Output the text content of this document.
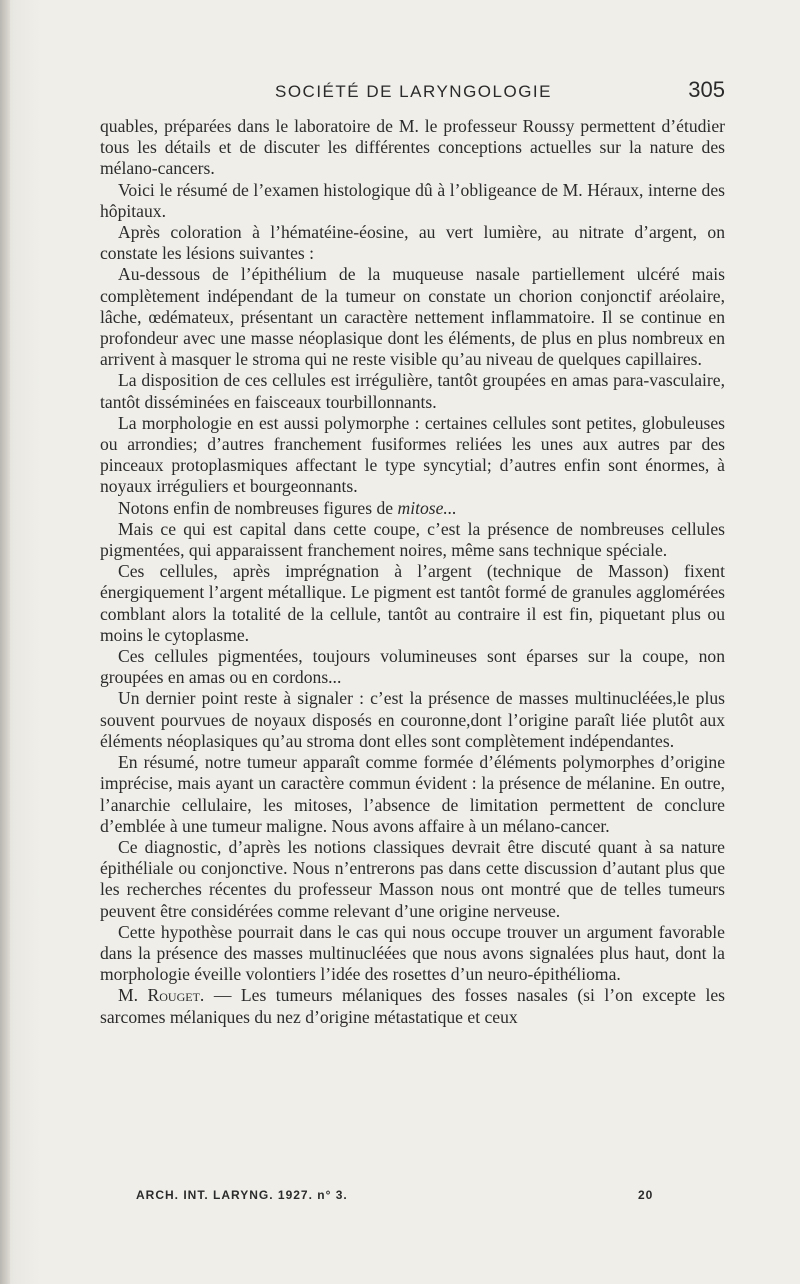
SOCIÉTÉ DE LARYNGOLOGIE	305

quables, préparées dans le laboratoire de M. le professeur Roussy permettent d’étudier tous les détails et de discuter les différentes conceptions actuelles sur la nature des mélano-cancers.

Voici le résumé de l’examen histologique dû à l’obligeance de M. Héraux, interne des hôpitaux.

Après coloration à l’hématéine-éosine, au vert lumière, au nitrate d’argent, on constate les lésions suivantes :

Au-dessous de l’épithélium de la muqueuse nasale partiellement ulcéré mais complètement indépendant de la tumeur on constate un chorion conjonctif aréolaire, lâche, œdémateux, présentant un caractère nettement inflammatoire. Il se continue en profondeur avec une masse néoplasique dont les éléments, de plus en plus nombreux en arrivent à masquer le stroma qui ne reste visible qu’au niveau de quelques capillaires.

La disposition de ces cellules est irrégulière, tantôt groupées en amas para-vasculaire, tantôt disséminées en faisceaux tourbillonnants.

La morphologie en est aussi polymorphe : certaines cellules sont petites, globuleuses ou arrondies; d’autres franchement fusiformes reliées les unes aux autres par des pinceaux protoplasmiques affectant le type syncytial; d’autres enfin sont énormes, à noyaux irréguliers et bourgeonnants.

Notons enfin de nombreuses figures de mitose...

Mais ce qui est capital dans cette coupe, c’est la présence de nombreuses cellules pigmentées, qui apparaissent franchement noires, même sans technique spéciale.

Ces cellules, après imprégnation à l’argent (technique de Masson) fixent énergiquement l’argent métallique. Le pigment est tantôt formé de granules agglomérées comblant alors la totalité de la cellule, tantôt au contraire il est fin, piquetant plus ou moins le cytoplasme.

Ces cellules pigmentées, toujours volumineuses sont éparses sur la coupe, non groupées en amas ou en cordons...

Un dernier point reste à signaler : c’est la présence de masses multinucléées,le plus souvent pourvues de noyaux disposés en couronne,dont l’origine paraît liée plutôt aux éléments néoplasiques qu’au stroma dont elles sont complètement indépendantes.

En résumé, notre tumeur apparaît comme formée d’éléments polymorphes d’origine imprécise, mais ayant un caractère commun évident : la présence de mélanine. En outre, l’anarchie cellulaire, les mitoses, l’absence de limitation permettent de conclure d’emblée à une tumeur maligne. Nous avons affaire à un mélano-cancer.

Ce diagnostic, d’après les notions classiques devrait être discuté quant à sa nature épithéliale ou conjonctive. Nous n’entrerons pas dans cette discussion d’autant plus que les recherches récentes du professeur Masson nous ont montré que de telles tumeurs peuvent être considérées comme relevant d’une origine nerveuse.

Cette hypothèse pourrait dans le cas qui nous occupe trouver un argument favorable dans la présence des masses multinucléées que nous avons signalées plus haut, dont la morphologie éveille volontiers l’idée des rosettes d’un neuro-épithélioma.

M. Rouget. — Les tumeurs mélaniques des fosses nasales (si l’on excepte les sarcomes mélaniques du nez d’origine métastatique et ceux

ARCH. INT. LARYNG. 1927. n° 3.	20
